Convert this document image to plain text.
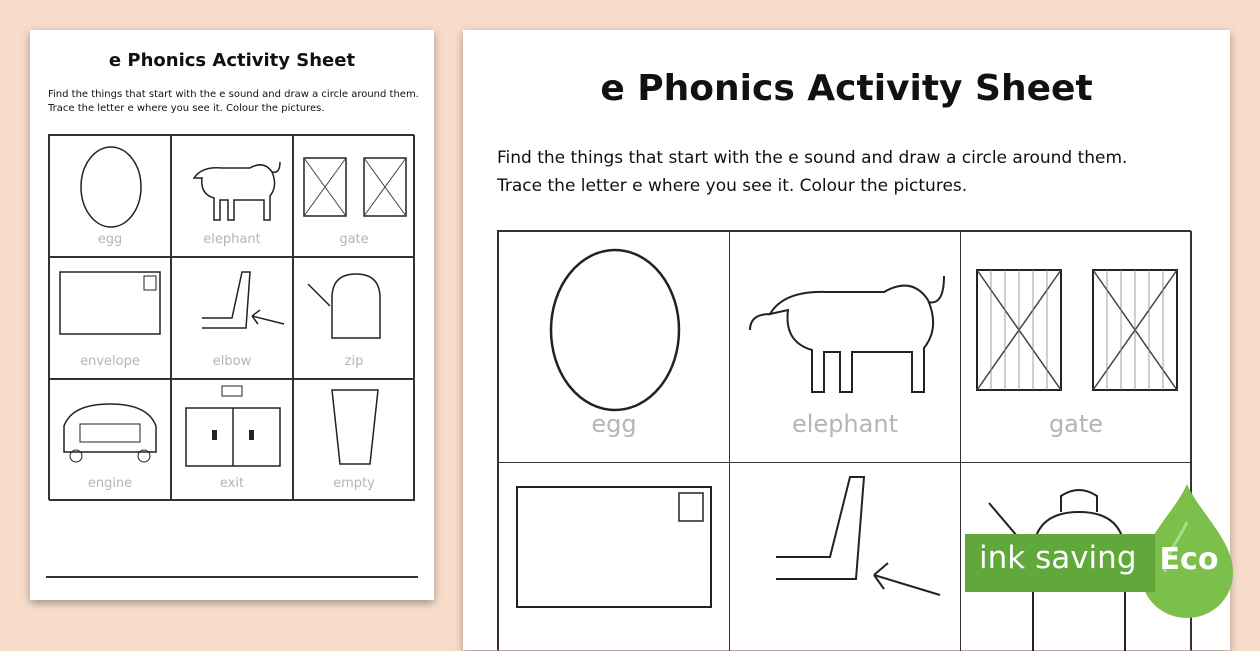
e Phonics Activity Sheet
Find the things that start with the e sound and draw a circle around them.
Trace the letter e where you see it. Colour the pictures.
egg	elephant	gate
envelope	elbow	zip
engine	exit	empty
e Phonics Activity Sheet
Find the things that start with the e sound and draw a circle around them.
Trace the letter e where you see it. Colour the pictures.
egg	elephant	gate
ink saving Eco
